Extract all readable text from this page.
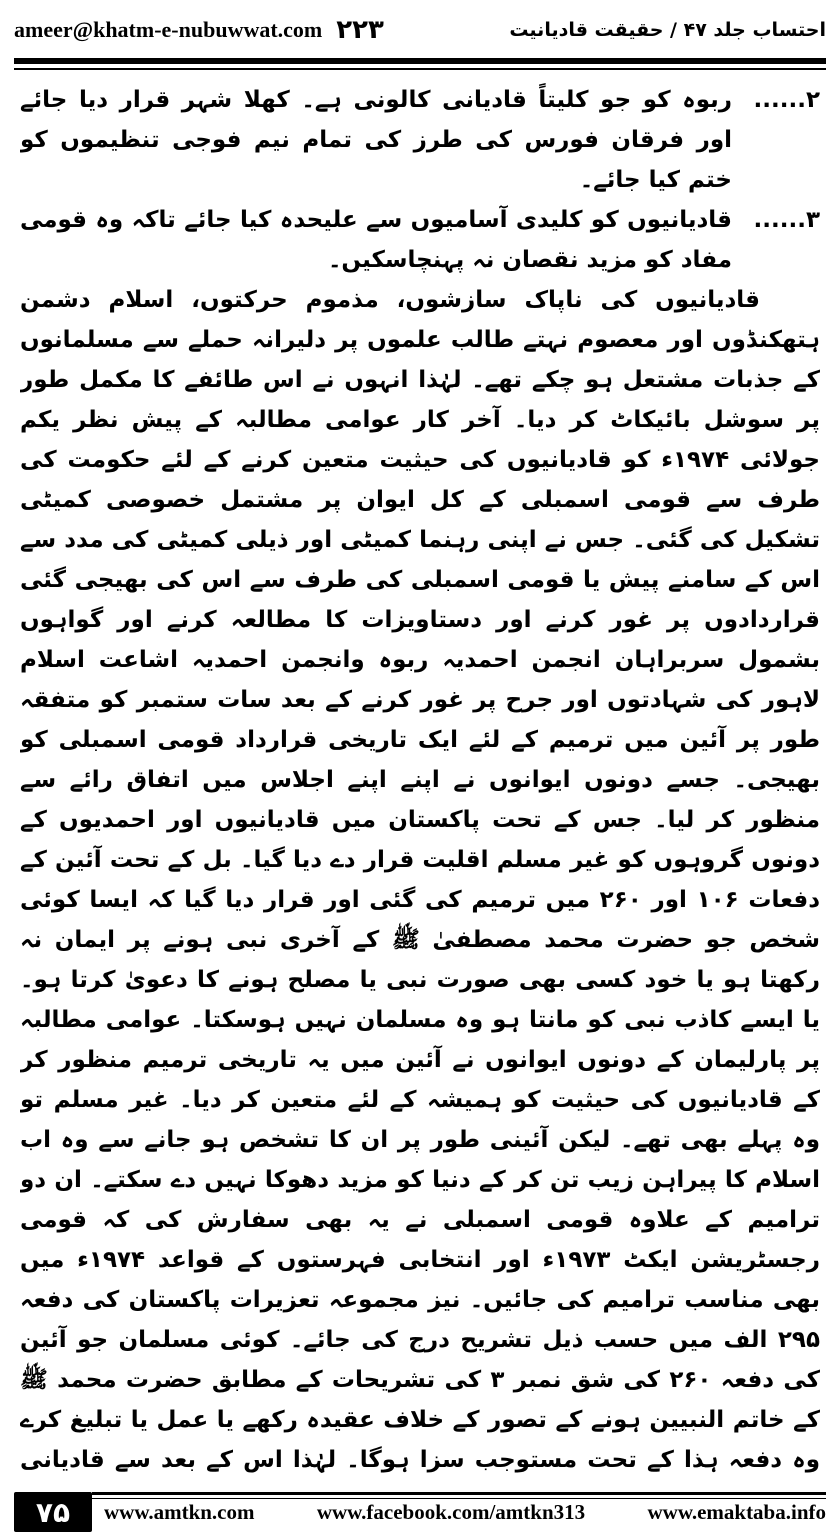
ameer@khatm-e-nubuwwat.com ۲۲۳	احتساب جلد ۴۷ / حقیقت قادیانیت
۲......
ربوہ کو جو کلیتاً قادیانی کالونی ہے۔ کھلا شہر قرار دیا جائے اور فرقان فورس کی طرز کی تمام نیم فوجی تنظیموں کو ختم کیا جائے۔
۳......
قادیانیوں کو کلیدی آسامیوں سے علیحدہ کیا جائے تاکہ وہ قومی مفاد کو مزید نقصان نہ پہنچاسکیں۔

قادیانیوں کی ناپاک سازشوں، مذموم حرکتوں، اسلام دشمن ہتھکنڈوں اور معصوم نہتے طالب علموں پر دلیرانہ حملے سے مسلمانوں کے جذبات مشتعل ہو چکے تھے۔ لہٰذا انہوں نے اس طائفے کا مکمل طور پر سوشل بائیکاٹ کر دیا۔ آخر کار عوامی مطالبہ کے پیش نظر یکم جولائی ۱۹۷۴ء کو قادیانیوں کی حیثیت متعین کرنے کے لئے حکومت کی طرف سے قومی اسمبلی کے کل ایوان پر مشتمل خصوصی کمیٹی تشکیل کی گئی۔ جس نے اپنی رہنما کمیٹی اور ذیلی کمیٹی کی مدد سے اس کے سامنے پیش یا قومی اسمبلی کی طرف سے اس کی بھیجی گئی قراردادوں پر غور کرنے اور دستاویزات کا مطالعہ کرنے اور گواہوں بشمول سربراہان انجمن احمدیہ ربوہ وانجمن احمدیہ اشاعت اسلام لاہور کی شہادتوں اور جرح پر غور کرنے کے بعد سات ستمبر کو متفقہ طور پر آئین میں ترمیم کے لئے ایک تاریخی قرارداد قومی اسمبلی کو بھیجی۔ جسے دونوں ایوانوں نے اپنے اپنے اجلاس میں اتفاق رائے سے منظور کر لیا۔ جس کے تحت پاکستان میں قادیانیوں اور احمدیوں کے دونوں گروہوں کو غیر مسلم اقلیت قرار دے دیا گیا۔ بل کے تحت آئین کے دفعات ۱۰۶ اور ۲۶۰ میں ترمیم کی گئی اور قرار دیا گیا کہ ایسا کوئی شخص جو حضرت محمد مصطفیٰ ﷺ کے آخری نبی ہونے پر ایمان نہ رکھتا ہو یا خود کسی بھی صورت نبی یا مصلح ہونے کا دعویٰ کرتا ہو۔ یا ایسے کاذب نبی کو مانتا ہو وہ مسلمان نہیں ہوسکتا۔ عوامی مطالبہ پر پارلیمان کے دونوں ایوانوں نے آئین میں یہ تاریخی ترمیم منظور کر کے قادیانیوں کی حیثیت کو ہمیشہ کے لئے متعین کر دیا۔ غیر مسلم تو وہ پہلے بھی تھے۔ لیکن آئینی طور پر ان کا تشخص ہو جانے سے وہ اب اسلام کا پیراہن زیب تن کر کے دنیا کو مزید دھوکا نہیں دے سکتے۔ ان دو تراميم کے علاوہ قومی اسمبلی نے یہ بھی سفارش کی کہ قومی رجسٹریشن ایکٹ ۱۹۷۳ء اور انتخابی فہرستوں کے قواعد ۱۹۷۴ء میں بھی مناسب ترامیم کی جائیں۔ نیز مجموعہ تعزیرات پاکستان کی دفعہ ۲۹۵ الف میں حسب ذیل تشریح درج کی جائے۔ کوئی مسلمان جو آئین کی دفعہ ۲۶۰ کی شق نمبر ۳ کی تشریحات کے مطابق حضرت محمد ﷺ کے خاتم النبیین ہونے کے تصور کے خلاف عقیدہ رکھے یا عمل یا تبلیغ کرے وہ دفعہ ہذا کے تحت مستوجب سزا ہوگا۔ لہٰذا اس کے بعد سے قادیانی

۷۵	www.amtkn.com	www.facebook.com/amtkn313	www.emaktaba.info
